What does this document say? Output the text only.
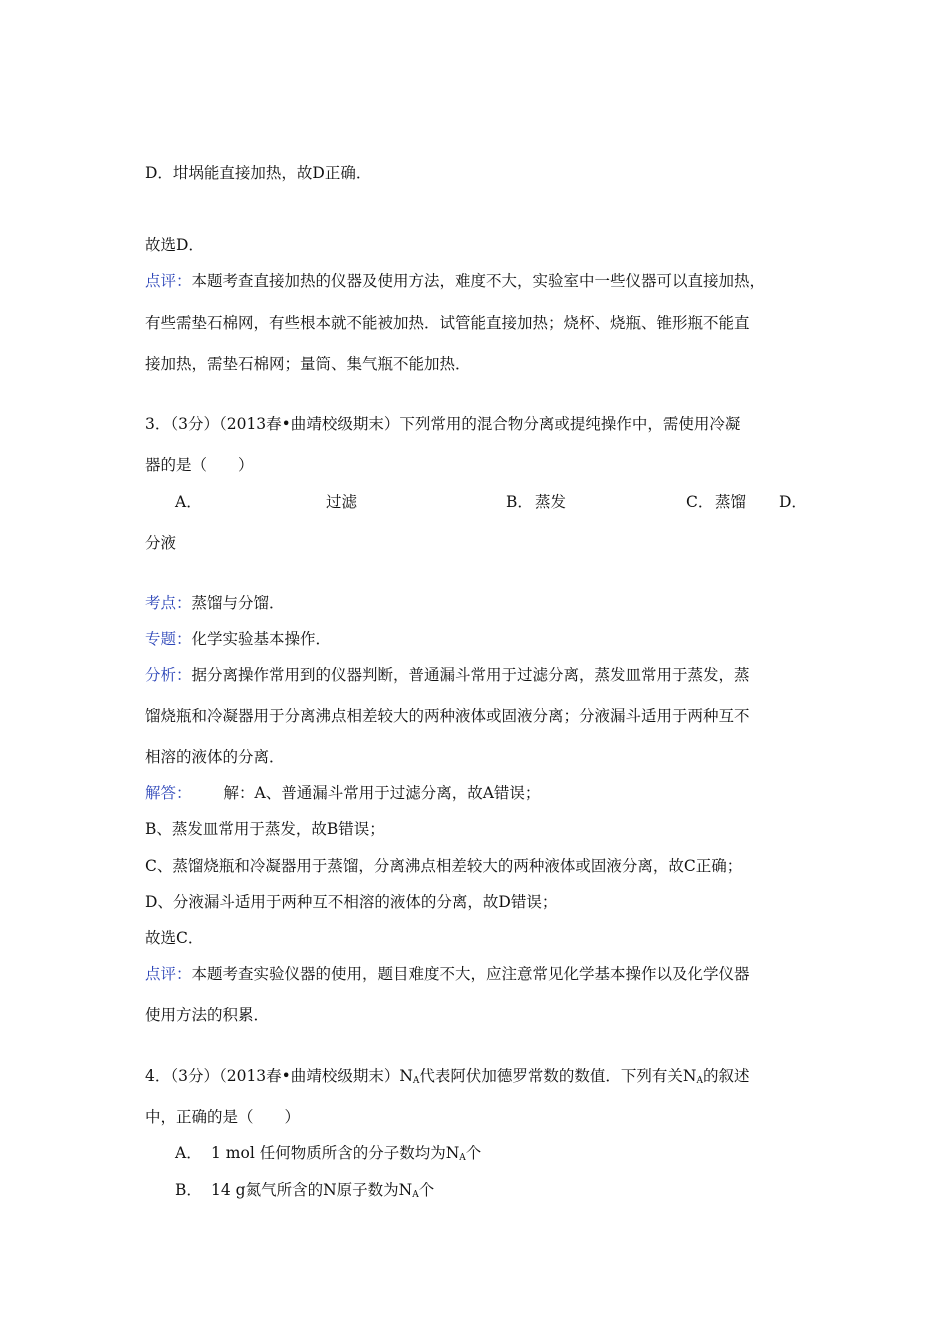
D．坩埚能直接加热，故D正确．
故选D．
点评：本题考查直接加热的仪器及使用方法，难度不大，实验室中一些仪器可以直接加热，
有些需垫石棉网，有些根本就不能被加热．试管能直接加热；烧杯、烧瓶、锥形瓶不能直
接加热，需垫石棉网；量筒、集气瓶不能加热．
3．（3分）（2013春•曲靖校级期末）下列常用的混合物分离或提纯操作中，需使用冷凝
器的是（　　）
A．	过滤	B． 蒸发	C． 蒸馏 D．
分液
考点：蒸馏与分馏．
专题：化学实验基本操作．
分析：据分离操作常用到的仪器判断，普通漏斗常用于过滤分离，蒸发皿常用于蒸发，蒸
馏烧瓶和冷凝器用于分离沸点相差较大的两种液体或固液分离；分液漏斗适用于两种互不
相溶的液体的分离．
解答： 解：A、普通漏斗常用于过滤分离，故A错误；
B、蒸发皿常用于蒸发，故B错误；
C、蒸馏烧瓶和冷凝器用于蒸馏，分离沸点相差较大的两种液体或固液分离，故C正确；
D、分液漏斗适用于两种互不相溶的液体的分离，故D错误；
故选C．
点评：本题考查实验仪器的使用，题目难度不大，应注意常见化学基本操作以及化学仪器
使用方法的积累．
4．（3分）（2013春•曲靖校级期末）$N_A$代表阿伏加德罗常数的数值．下列有关$N_A$的叙述
中，正确的是（　　）
A． 1 mol 任何物质所含的分子数均为$N_A$个
B． 14 g氮气所含的N原子数为$N_A$个
